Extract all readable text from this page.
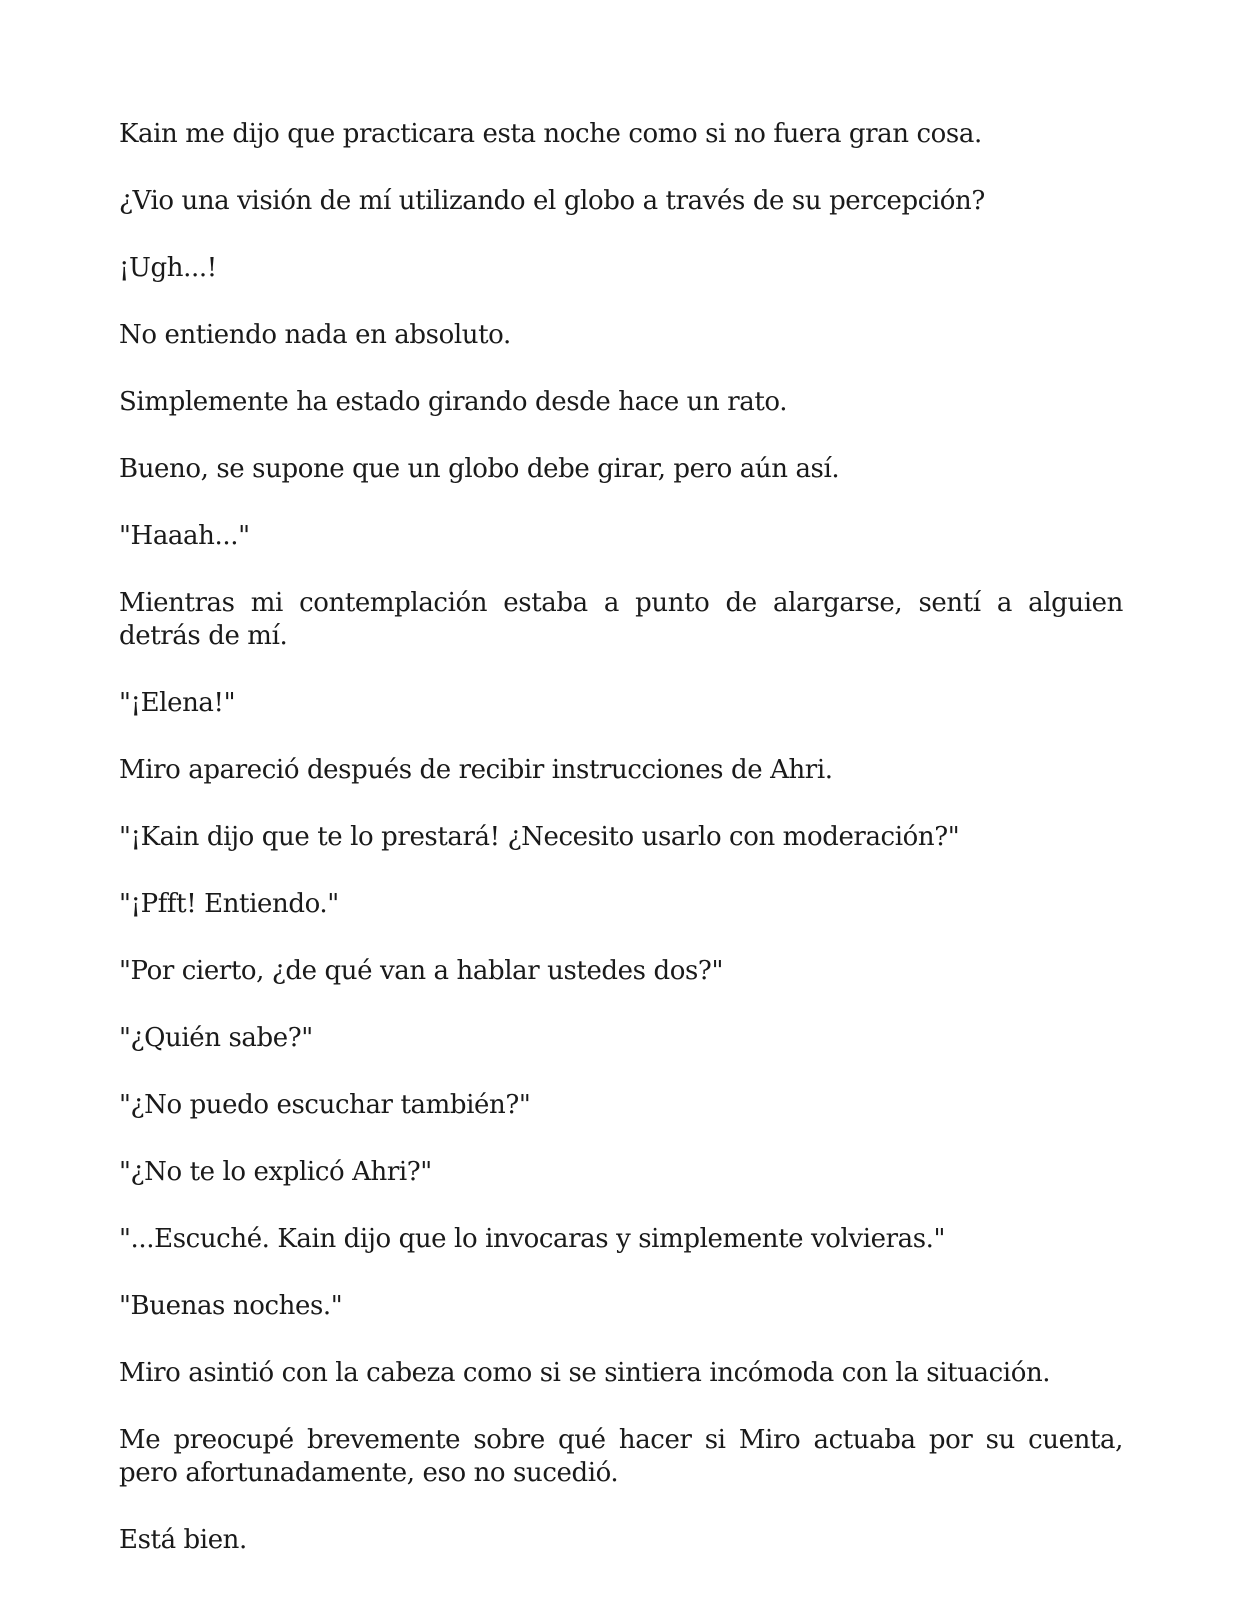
Kain me dijo que practicara esta noche como si no fuera gran cosa.

¿Vio una visión de mí utilizando el globo a través de su percepción?

¡Ugh...!

No entiendo nada en absoluto.

Simplemente ha estado girando desde hace un rato.

Bueno, se supone que un globo debe girar, pero aún así.

"Haaah..."

Mientras mi contemplación estaba a punto de alargarse, sentí a alguien detrás de mí.

"¡Elena!"

Miro apareció después de recibir instrucciones de Ahri.

"¡Kain dijo que te lo prestará! ¿Necesito usarlo con moderación?"

"¡Pfft! Entiendo."

"Por cierto, ¿de qué van a hablar ustedes dos?"

"¿Quién sabe?"

"¿No puedo escuchar también?"

"¿No te lo explicó Ahri?"

"...Escuché. Kain dijo que lo invocaras y simplemente volvieras."

"Buenas noches."

Miro asintió con la cabeza como si se sintiera incómoda con la situación.

Me preocupé brevemente sobre qué hacer si Miro actuaba por su cuenta, pero afortunadamente, eso no sucedió.

Está bien.
